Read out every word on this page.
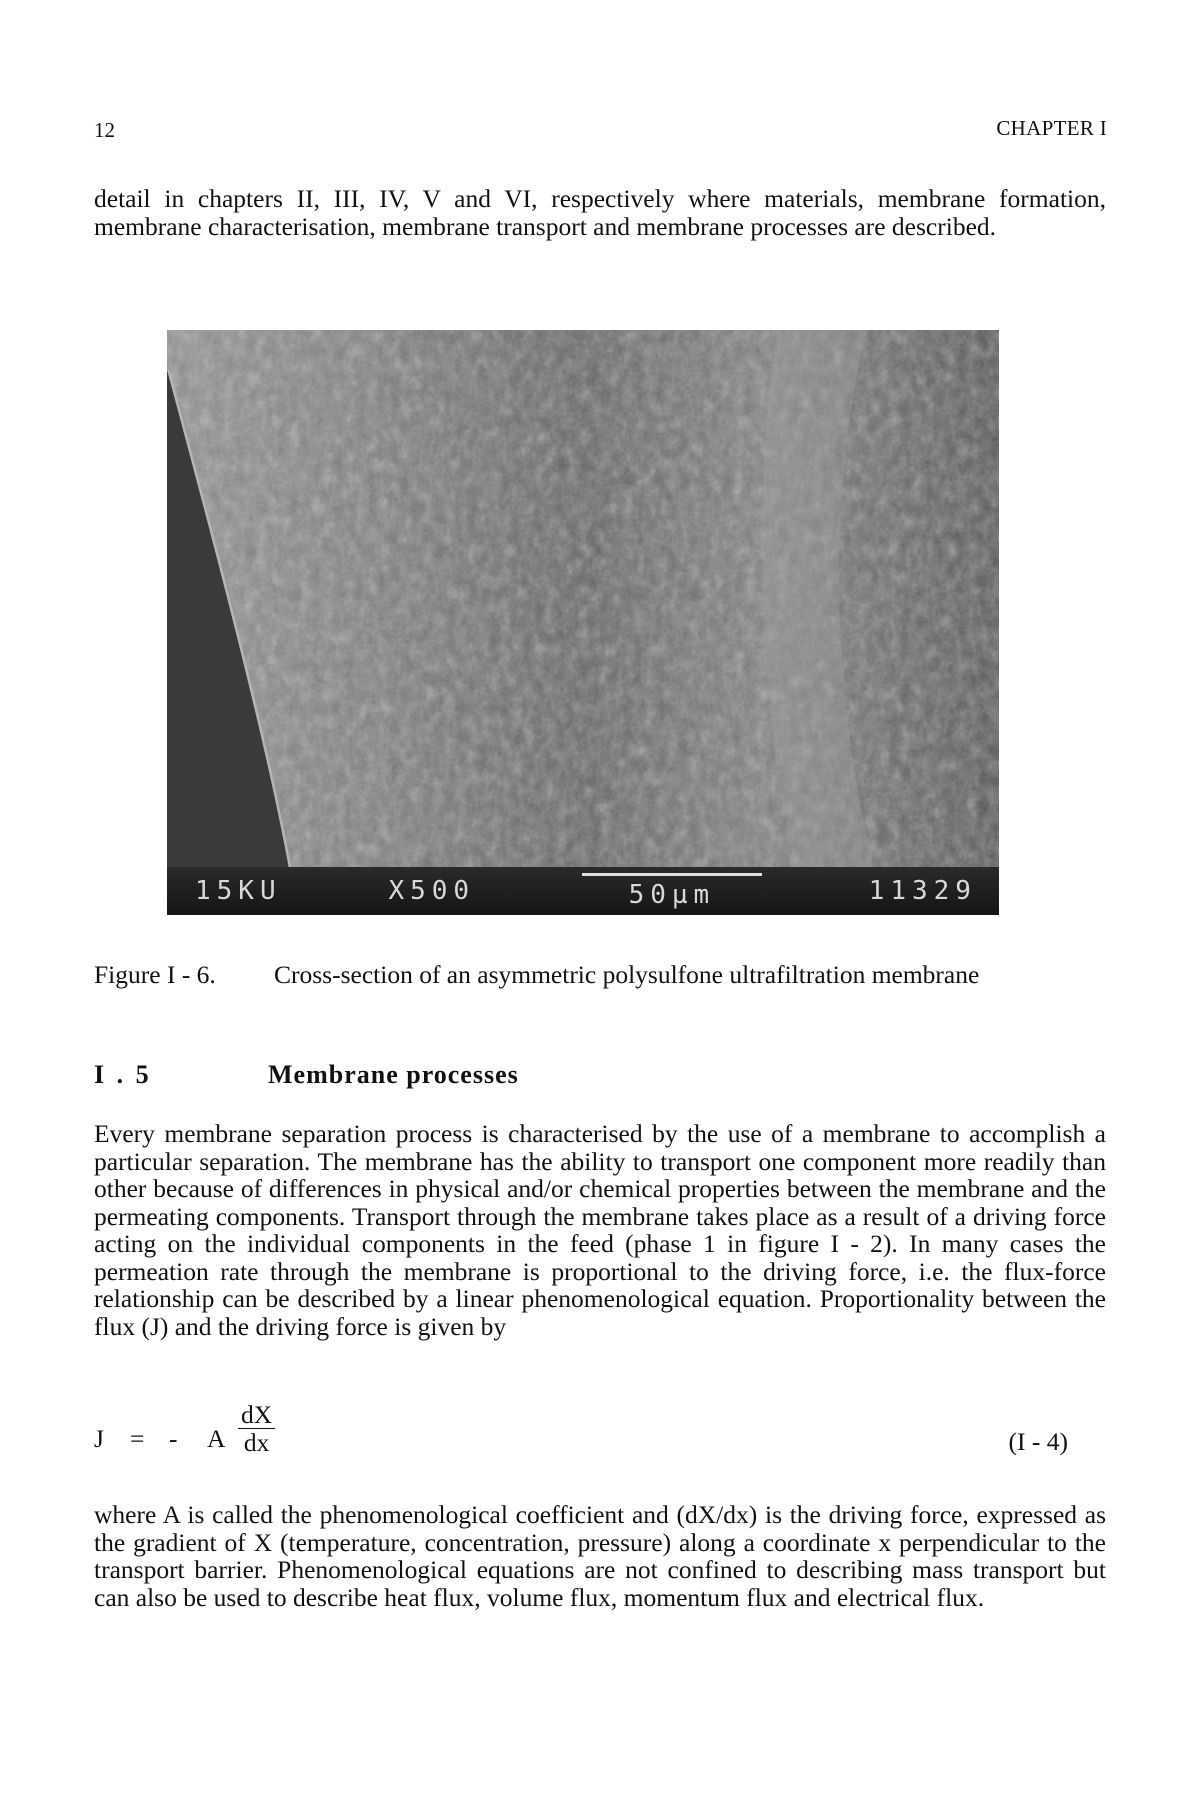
12	CHAPTER I

detail in chapters II, III, IV, V and VI, respectively where materials, membrane formation, membrane characterisation, membrane transport and membrane processes are described.

15KU	X500	50µm	11329
Figure I - 6. Cross-section of an asymmetric polysulfone ultrafiltration membrane
I . 5	Membrane processes

Every membrane separation process is characterised by the use of a membrane to accomplish a particular separation. The membrane has the ability to transport one component more readily than other because of differences in physical and/or chemical properties between the membrane and the permeating components. Transport through the membrane takes place as a result of a driving force acting on the individual components in the feed (phase 1 in figure I - 2). In many cases the permeation rate through the membrane is proportional to the driving force, i.e. the flux-force relationship can be described by a linear phenomenological equation. Proportionality between the flux (J) and the driving force is given by

J = - A $\frac{dX}{dx}$	(I - 4)

where A is called the phenomenological coefficient and (dX/dx) is the driving force, expressed as the gradient of X (temperature, concentration, pressure) along a coordinate x perpendicular to the transport barrier. Phenomenological equations are not confined to describing mass transport but can also be used to describe heat flux, volume flux, momentum flux and electrical flux.
